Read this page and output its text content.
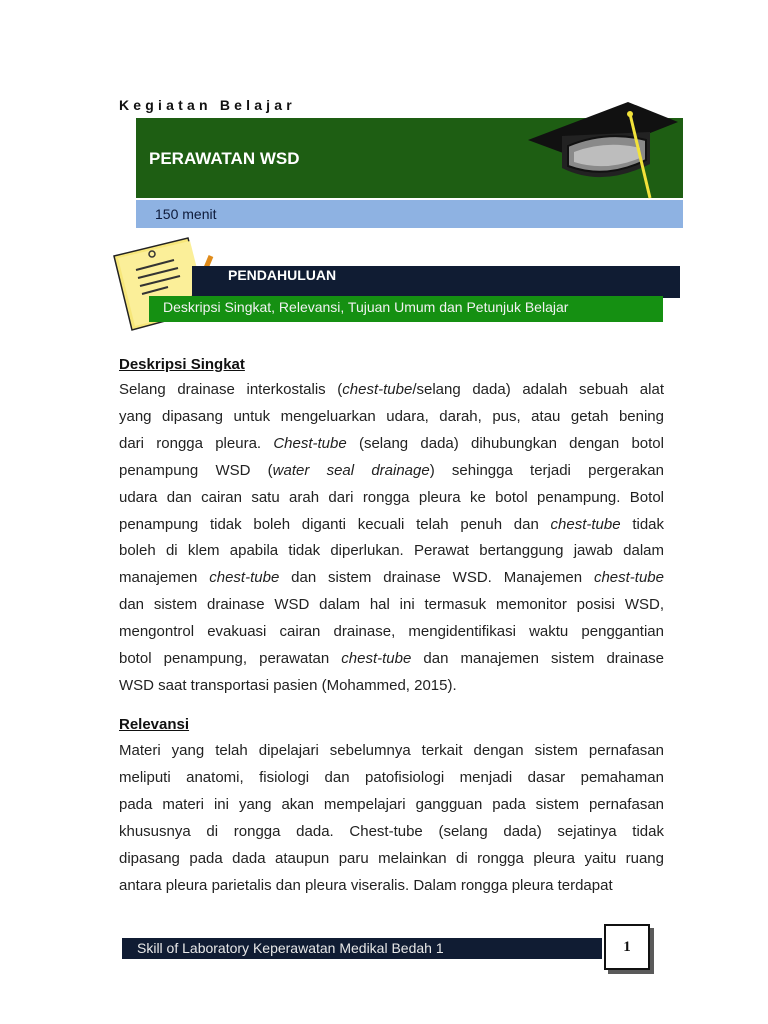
Kegiatan Belajar
PERAWATAN WSD
150 menit
PENDAHULUAN
Deskripsi Singkat, Relevansi, Tujuan Umum dan Petunjuk Belajar
Deskripsi Singkat
Selang drainase interkostalis (chest-tube/selang dada) adalah sebuah alat
yang dipasang untuk mengeluarkan udara, darah, pus, atau getah bening
dari rongga pleura. Chest-tube (selang dada) dihubungkan dengan botol
penampung WSD (water seal drainage) sehingga terjadi pergerakan
udara dan cairan satu arah dari rongga pleura ke botol penampung. Botol
penampung tidak boleh diganti kecuali telah penuh dan chest-tube tidak
boleh di klem apabila tidak diperlukan. Perawat bertanggung jawab dalam
manajemen chest-tube dan sistem drainase WSD. Manajemen chest-tube
dan sistem drainase WSD dalam hal ini termasuk memonitor posisi WSD,
mengontrol evakuasi cairan drainase, mengidentifikasi waktu penggantian
botol penampung, perawatan chest-tube dan manajemen sistem drainase
WSD saat transportasi pasien (Mohammed, 2015).
Relevansi
Materi yang telah dipelajari sebelumnya terkait dengan sistem pernafasan
meliputi anatomi, fisiologi dan patofisiologi menjadi dasar pemahaman
pada materi ini yang akan mempelajari gangguan pada sistem pernafasan
khususnya di rongga dada. Chest-tube (selang dada) sejatinya tidak
dipasang pada dada ataupun paru melainkan di rongga pleura yaitu ruang
antara pleura parietalis dan pleura viseralis. Dalam rongga pleura terdapat
Skill of Laboratory Keperawatan Medikal Bedah 1	1
